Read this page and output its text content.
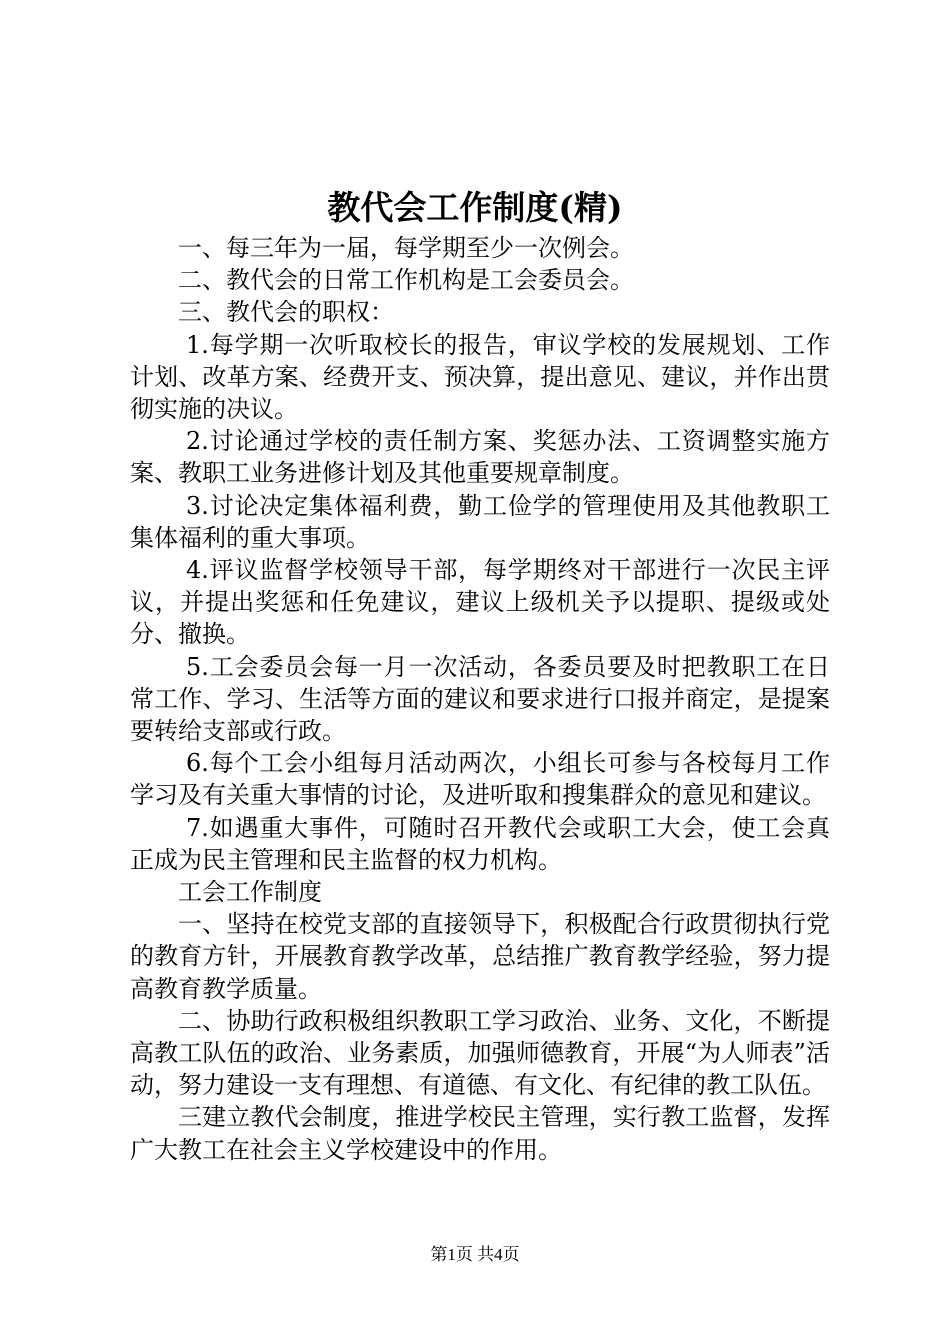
教代会工作制度(精)

一、每三年为一届，每学期至少一次例会。

二、教代会的日常工作机构是工会委员会。

三、教代会的职权：

1.每学期一次听取校长的报告，审议学校的发展规划、工作计划、改革方案、经费开支、预决算，提出意见、建议，并作出贯彻实施的决议。

2.讨论通过学校的责任制方案、奖惩办法、工资调整实施方案、教职工业务进修计划及其他重要规章制度。

3.讨论决定集体福利费，勤工俭学的管理使用及其他教职工集体福利的重大事项。

4.评议监督学校领导干部，每学期终对干部进行一次民主评议，并提出奖惩和任免建议，建议上级机关予以提职、提级或处分、撤换。

5.工会委员会每一月一次活动，各委员要及时把教职工在日常工作、学习、生活等方面的建议和要求进行口报并商定，是提案要转给支部或行政。

6.每个工会小组每月活动两次，小组长可参与各校每月工作学习及有关重大事情的讨论，及进听取和搜集群众的意见和建议。

7.如遇重大事件，可随时召开教代会或职工大会，使工会真正成为民主管理和民主监督的权力机构。

工会工作制度

一、坚持在校党支部的直接领导下，积极配合行政贯彻执行党的教育方针，开展教育教学改革，总结推广教育教学经验，努力提高教育教学质量。

二、协助行政积极组织教职工学习政治、业务、文化，不断提高教工队伍的政治、业务素质，加强师德教育，开展“为人师表”活动，努力建设一支有理想、有道德、有文化、有纪律的教工队伍。

三建立教代会制度，推进学校民主管理，实行教工监督，发挥广大教工在社会主义学校建设中的作用。

第1页 共4页
